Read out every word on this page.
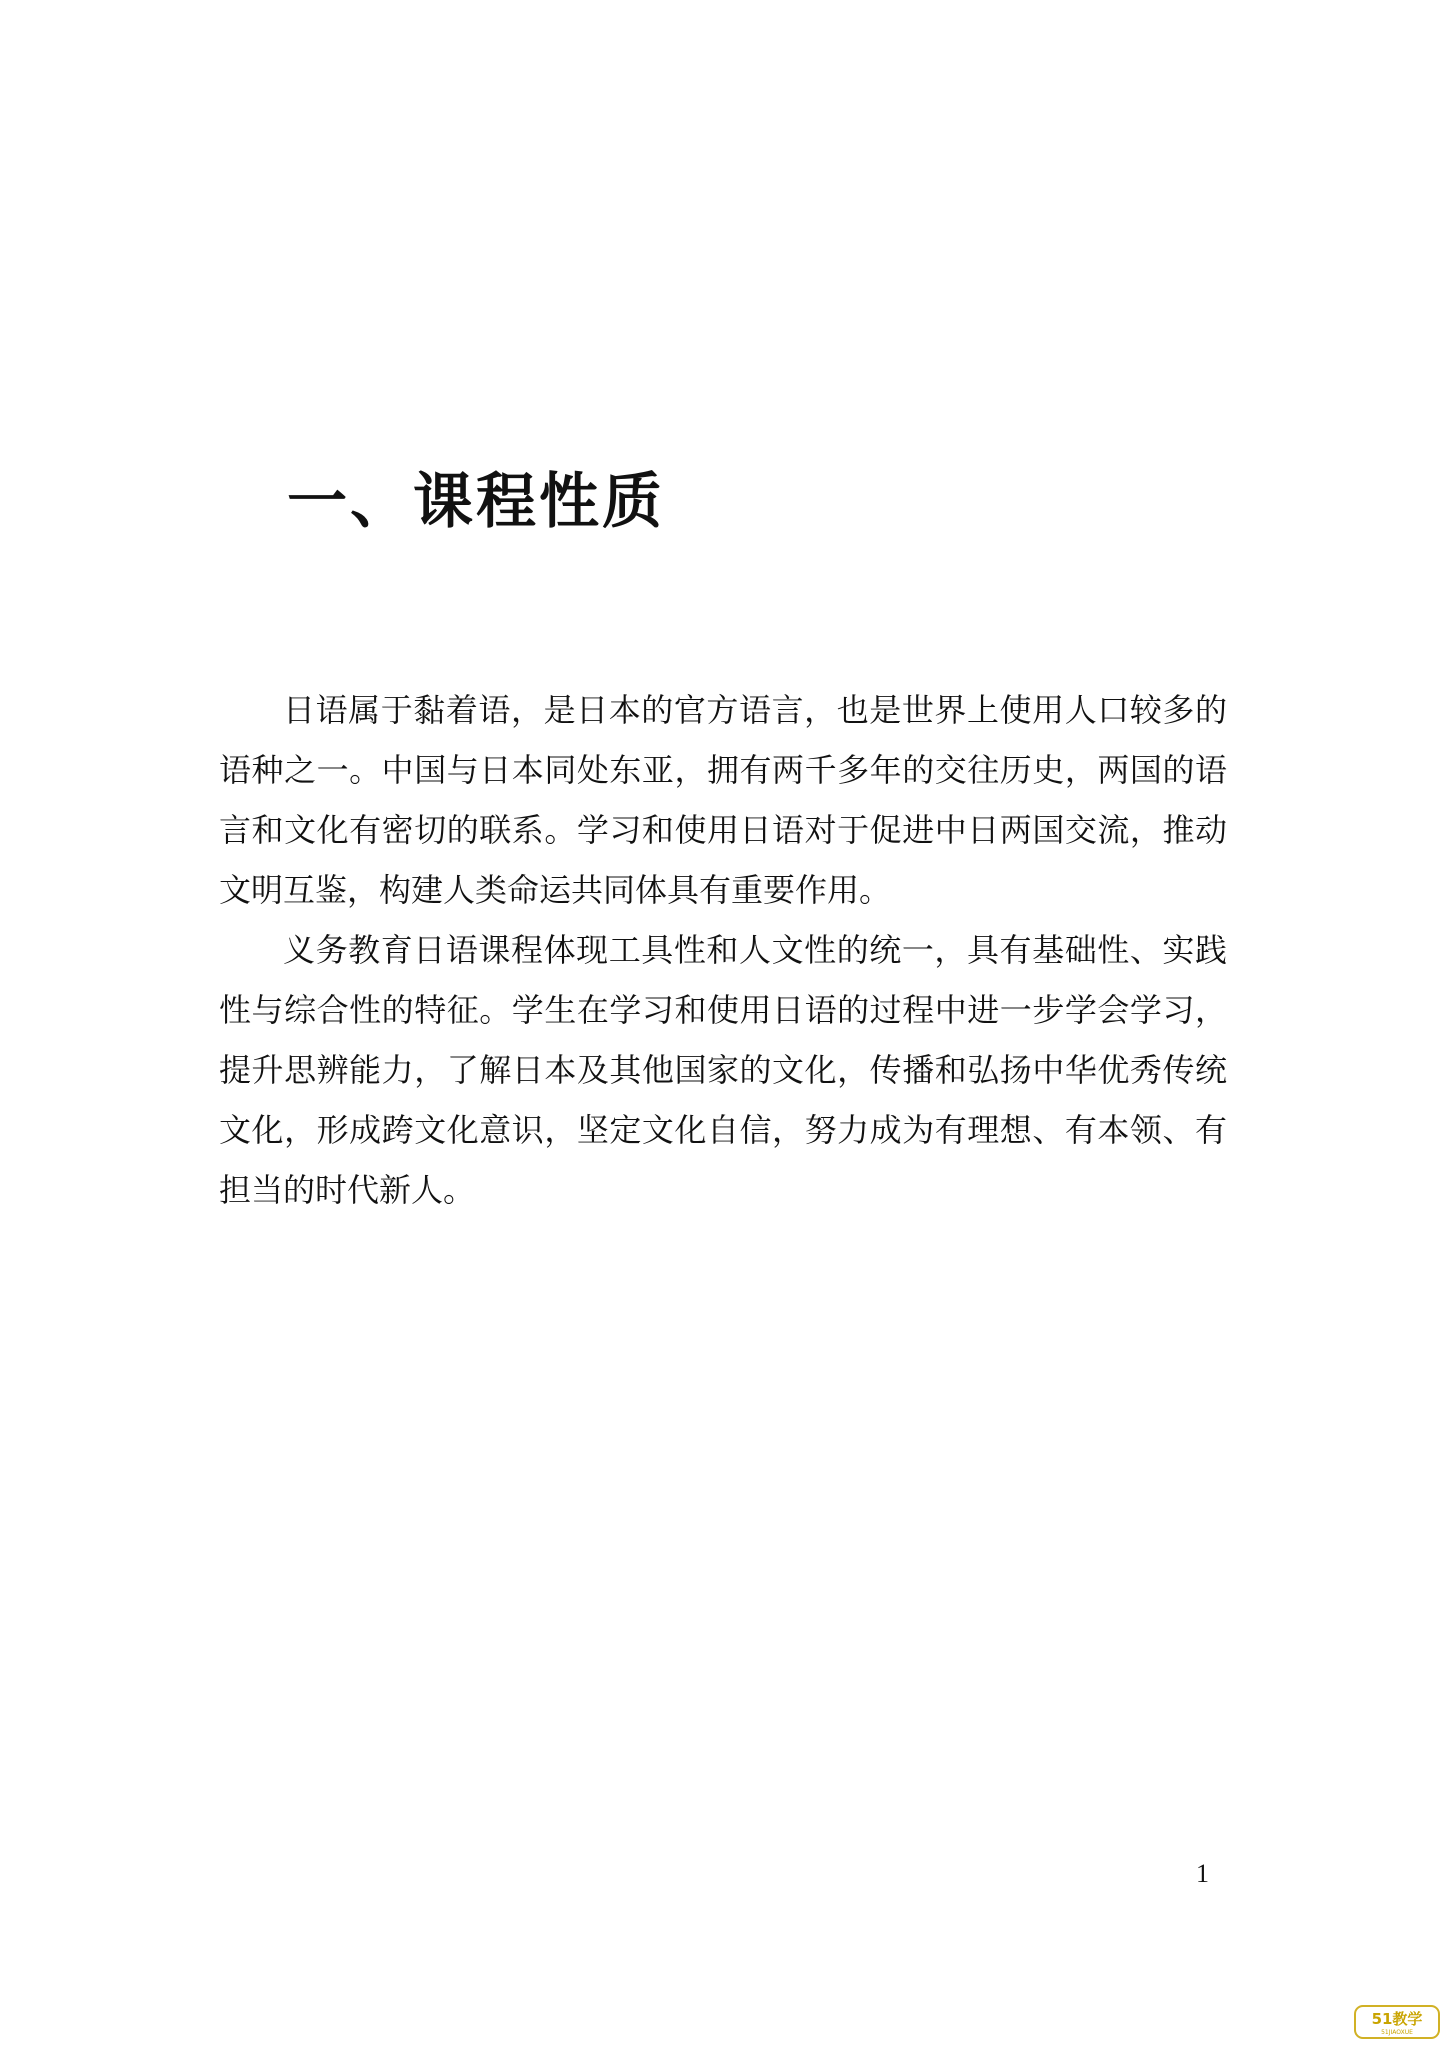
一、课程性质

日语属于黏着语，是日本的官方语言，也是世界上使用人口较多的语种之一。中国与日本同处东亚，拥有两千多年的交往历史，两国的语言和文化有密切的联系。学习和使用日语对于促进中日两国交流，推动文明互鉴，构建人类命运共同体具有重要作用。

义务教育日语课程体现工具性和人文性的统一，具有基础性、实践性与综合性的特征。学生在学习和使用日语的过程中进一步学会学习，提升思辨能力，了解日本及其他国家的文化，传播和弘扬中华优秀传统文化，形成跨文化意识，坚定文化自信，努力成为有理想、有本领、有担当的时代新人。

1
51教学
51JIAOXUE
